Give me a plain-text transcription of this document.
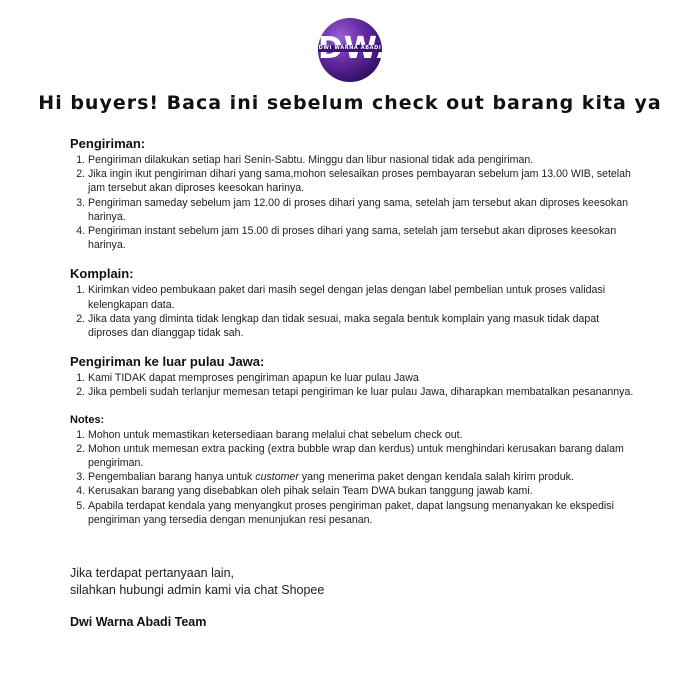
DWI WARNA ABADI
Hi buyers! Baca ini sebelum check out barang kita ya
Pengiriman:
1. Pengiriman dilakukan setiap hari Senin-Sabtu. Minggu dan libur nasional tidak ada pengiriman.
2. Jika ingin ikut pengiriman dihari yang sama,mohon selesaikan proses pembayaran sebelum jam 13.00 WIB, setelah jam tersebut akan diproses keesokan harinya.
3. Pengiriman sameday sebelum jam 12.00 di proses dihari yang sama, setelah jam tersebut akan diproses keesokan harinya.
4. Pengiriman instant sebelum jam 15.00 di proses dihari yang sama, setelah jam tersebut akan diproses keesokan harinya.
Komplain:
1. Kirimkan video pembukaan paket dari masih segel dengan jelas dengan label pembelian untuk proses validasi kelengkapan data.
2. Jika data yang diminta tidak lengkap dan tidak sesuai, maka segala bentuk komplain yang masuk tidak dapat diproses dan dianggap tidak sah.
Pengiriman ke luar pulau Jawa:
1. Kami TIDAK dapat memproses pengiriman apapun ke luar pulau Jawa
2. Jika pembeli sudah terlanjur memesan tetapi pengiriman ke luar pulau Jawa, diharapkan membatalkan pesanannya.
Notes:
1. Mohon untuk memastikan ketersediaan barang melalui chat sebelum check out.
2. Mohon untuk memesan extra packing (extra bubble wrap dan kerdus) untuk menghindari kerusakan barang dalam pengiriman.
3. Pengembalian barang hanya untuk customer yang menerima paket dengan kendala salah kirim produk.
4. Kerusakan barang yang disebabkan oleh pihak selain Team DWA bukan tanggung jawab kami.
5. Apabila terdapat kendala yang menyangkut proses pengiriman paket, dapat langsung menanyakan ke ekspedisi pengiriman yang tersedia dengan menunjukan resi pesanan.
Jika terdapat pertanyaan lain,
silahkan hubungi admin kami via chat Shopee
Dwi Warna Abadi Team
